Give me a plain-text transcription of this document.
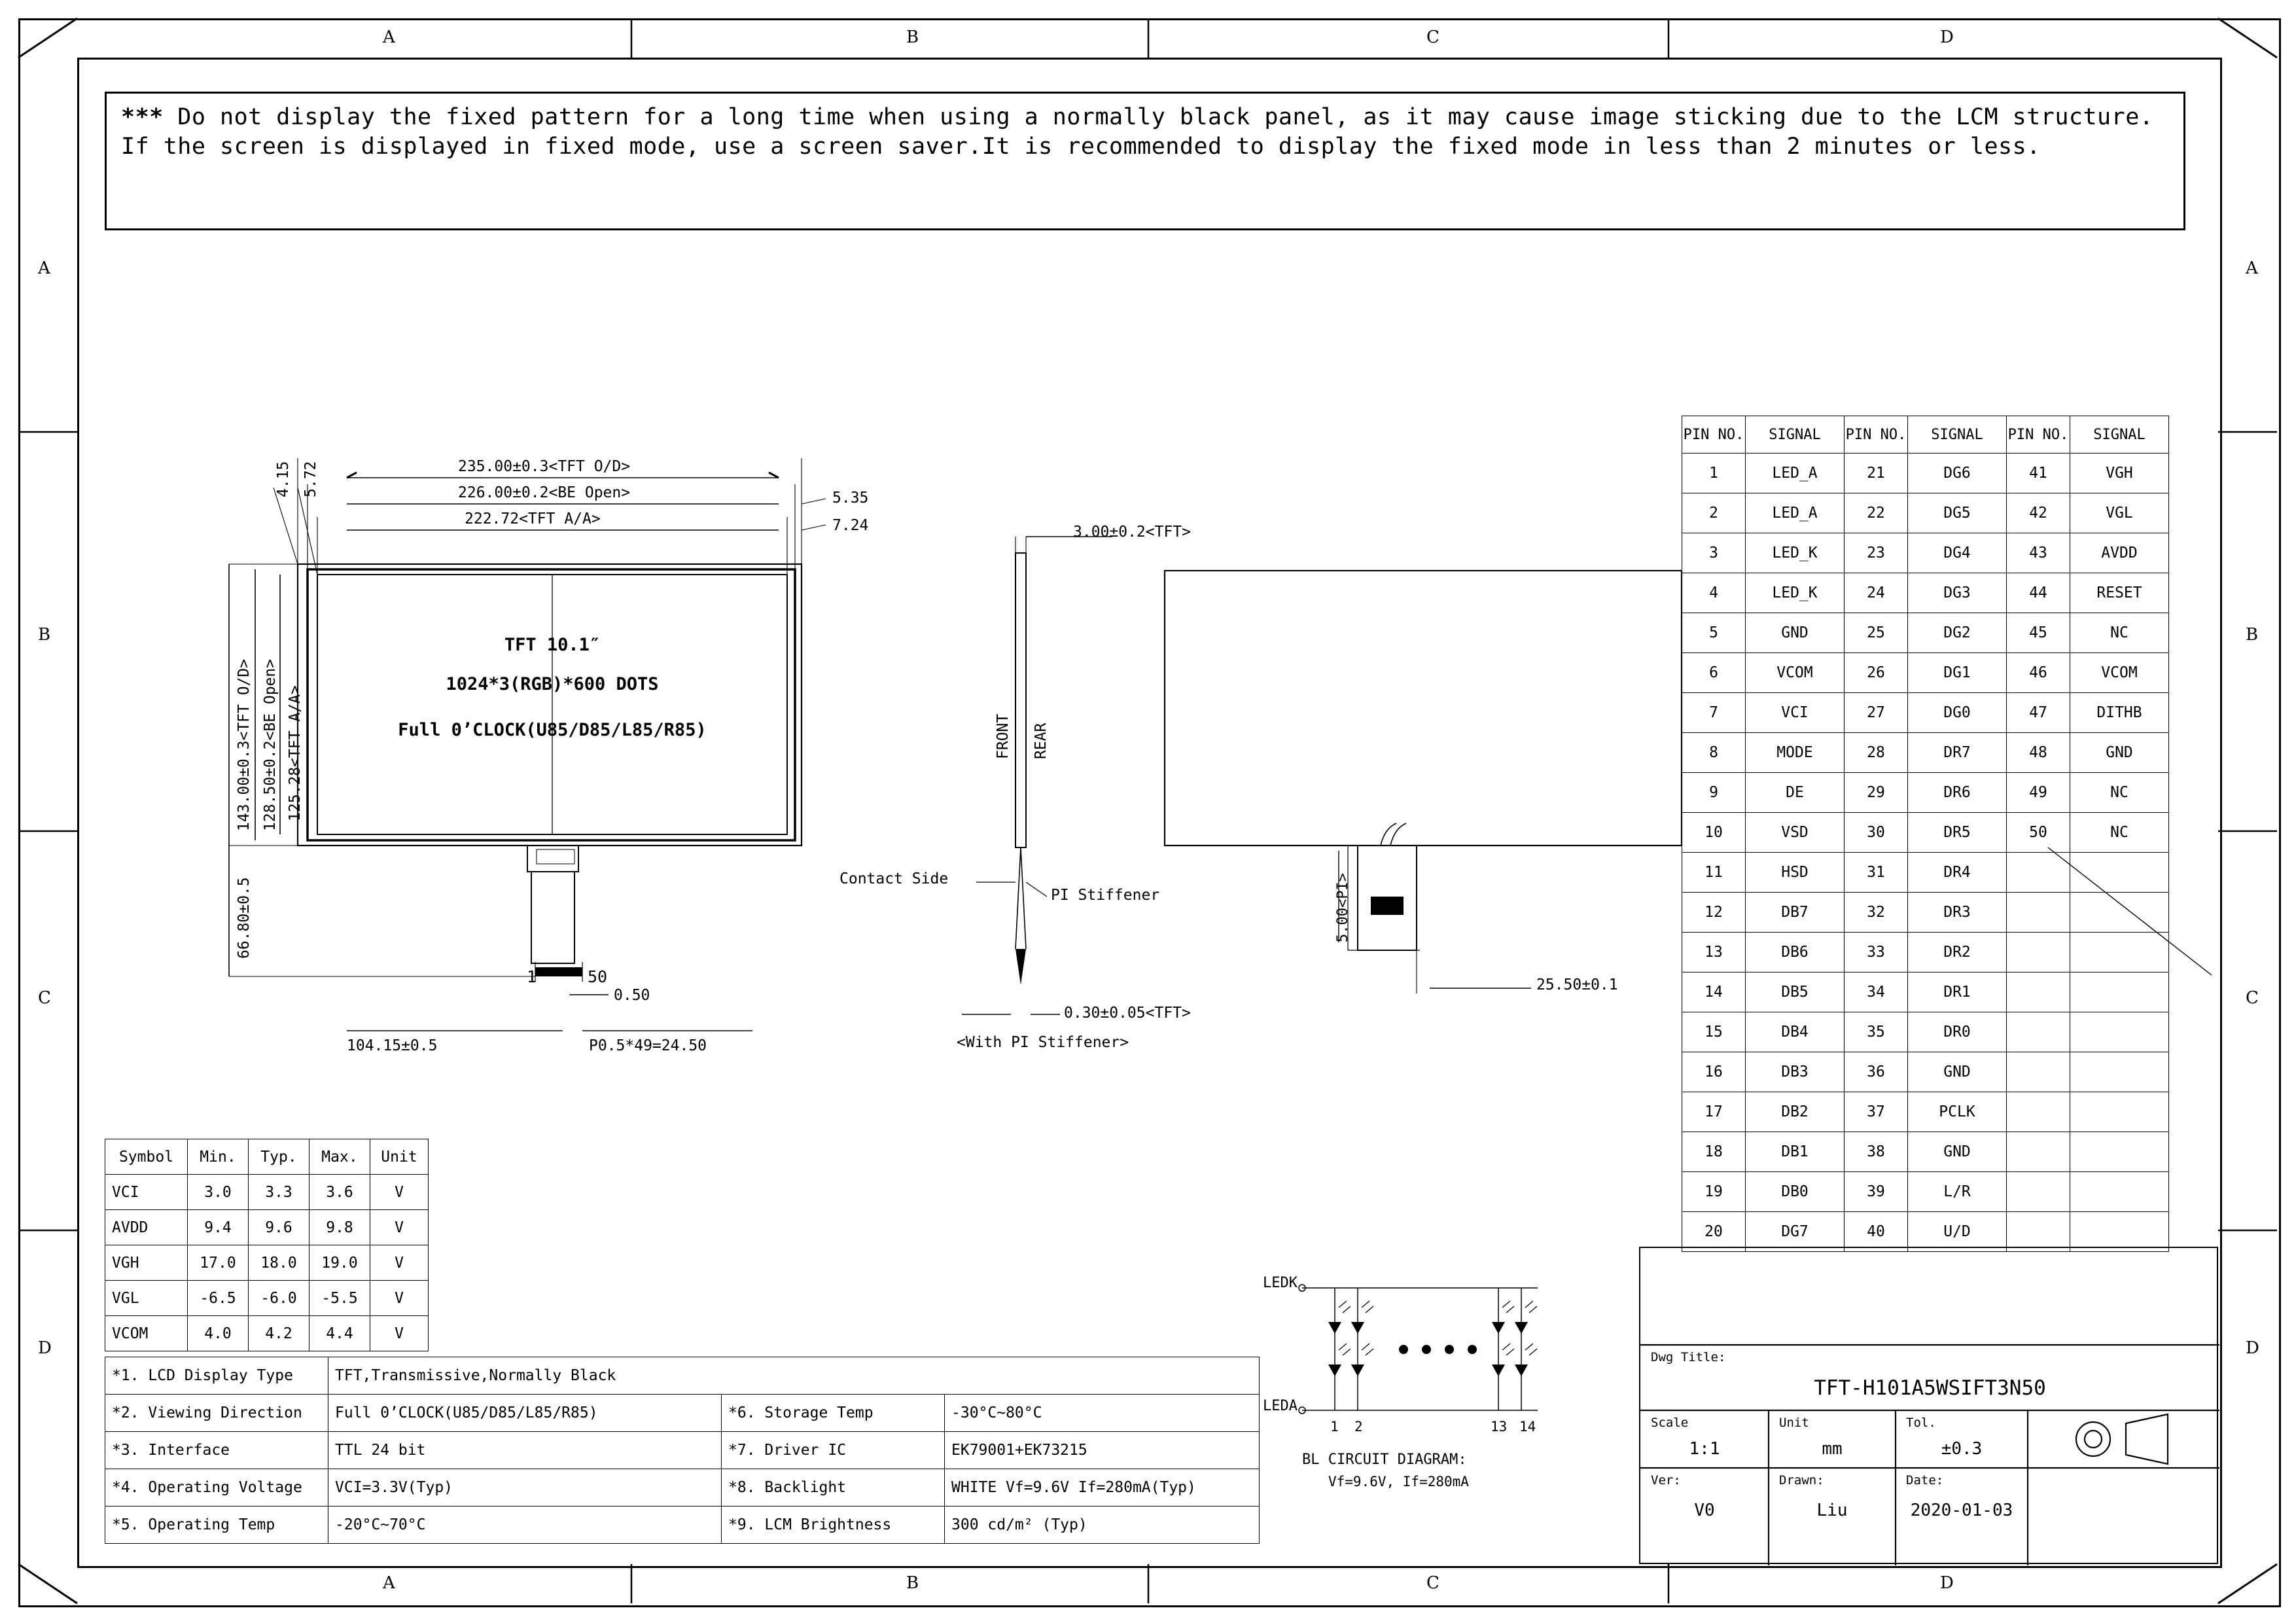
A	B	C	D
A	B	C	D
A
B
C
D
A
B
C
D
*** Do not display the fixed pattern for a long time when using a normally black panel, as it may cause image sticking due to the LCM structure. If the screen is displayed in fixed mode, use a screen saver.It is recommended to display the fixed mode in less than 2 minutes or less.
235.00±0.3<TFT O/D>
226.00±0.2<BE Open>
222.72<TFT A/A>
4.15 5.72
5.35
7.24
143.00±0.3<TFT O/D> 128.50±0.2<BE Open> 125.28<TFT A/A>
66.80±0.5
104.15±0.5	P0.5*49=24.50
0.50
1	50
TFT 10.1″
1024*3(RGB)*600 DOTS
Full 0’CLOCK(U85/D85/L85/R85)
3.00±0.2<TFT>
FRONT REAR
Contact Side
PI Stiffener
0.30±0.05<TFT>
<With PI Stiffener>
5.00<PI>
25.50±0.1
PIN NO.	SIGNAL	PIN NO.	SIGNAL	PIN NO.	SIGNAL
1	LED_A	21	DG6	41	VGH
2	LED_A	22	DG5	42	VGL
3	LED_K	23	DG4	43	AVDD
4	LED_K	24	DG3	44	RESET
5	GND	25	DG2	45	NC
6	VCOM	26	DG1	46	VCOM
7	VCI	27	DG0	47	DITHB
8	MODE	28	DR7	48	GND
9	DE	29	DR6	49	NC
10	VSD	30	DR5	50	NC
11	HSD	31	DR4		
12	DB7	32	DR3		
13	DB6	33	DR2		
14	DB5	34	DR1		
15	DB4	35	DR0		
16	DB3	36	GND		
17	DB2	37	PCLK		
18	DB1	38	GND		
19	DB0	39	L/R		
20	DG7	40	U/D		
Symbol	Min.	Typ.	Max.	Unit
VCI	3.0	3.3	3.6	V
AVDD	9.4	9.6	9.8	V
VGH	17.0	18.0	19.0	V
VGL	-6.5	-6.0	-5.5	V
VCOM	4.0	4.2	4.4	V
*1. LCD Display Type	TFT,Transmissive,Normally Black		
*2. Viewing Direction	Full 0’CLOCK(U85/D85/L85/R85)	*6. Storage Temp	-30°C~80°C
*3. Interface	TTL 24 bit	*7. Driver IC	EK79001+EK73215
*4. Operating Voltage	VCI=3.3V(Typ)	*8. Backlight	WHITE Vf=9.6V If=280mA(Typ)
*5. Operating Temp	-20°C~70°C	*9. LCM Brightness	300 cd/m² (Typ)
LEDK
LEDA
1 2	13 14
BL CIRCUIT DIAGRAM:
Vf=9.6V, If=280mA
Dwg Title:
TFT-H101A5WSIFT3N50
Scale
1:1
Unit
mm
Tol.
±0.3
Ver:
V0
Drawn:
Liu
Date:
2020-01-03
